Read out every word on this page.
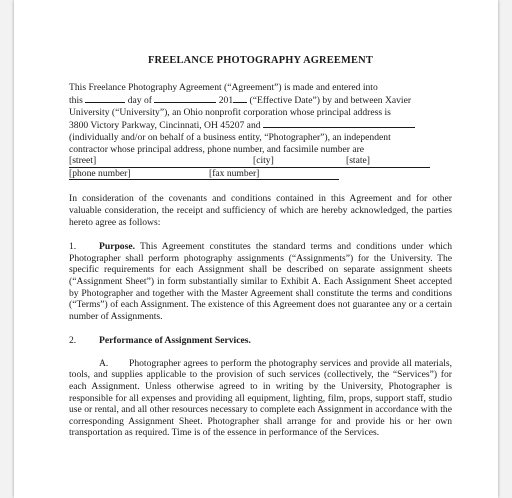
FREELANCE PHOTOGRAPHY AGREEMENT

This Freelance Photography Agreement (“Agreement”) is made and entered into

this	day of	201 (“Effective Date”) by and between Xavier

University (“University”), an Ohio nonprofit corporation whose principal address is

3800 Victory Parkway, Cincinnati, OH 45207 and

(individually and/or on behalf of a business entity, “Photographer”), an independent

contractor whose principal address, phone number, and facsimile number are

[street]	[city]	[state]
[phone number]	[fax number]

In consideration of the covenants and conditions contained in this Agreement and for other valuable consideration, the receipt and sufficiency of which are hereby acknowledged, the parties hereto agree as follows:

1. Purpose. This Agreement constitutes the standard terms and conditions under which Photographer shall perform photography assignments (“Assignments”) for the University. The specific requirements for each Assignment shall be described on separate assignment sheets (“Assignment Sheet”) in form substantially similar to Exhibit A. Each Assignment Sheet accepted by Photographer and together with the Master Agreement shall constitute the terms and conditions (“Terms”) of each Assignment. The existence of this Agreement does not guarantee any or a certain number of Assignments.

2.	Performance of Assignment Services.

A. Photographer agrees to perform the photography services and provide all materials, tools, and supplies applicable to the provision of such services (collectively, the “Services”) for each Assignment. Unless otherwise agreed to in writing by the University, Photographer is responsible for all expenses and providing all equipment, lighting, film, props, support staff, studio use or rental, and all other resources necessary to complete each Assignment in accordance with the corresponding Assignment Sheet. Photographer shall arrange for and provide his or her own transportation as required. Time is of the essence in performance of the Services.
